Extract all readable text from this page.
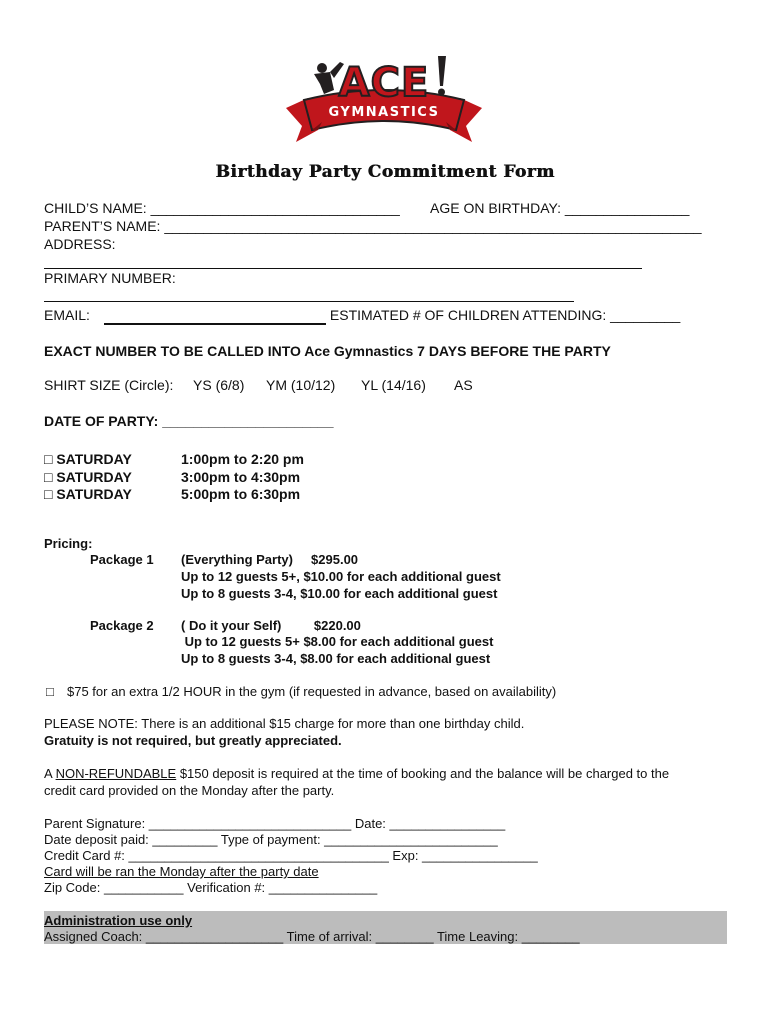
ACE
GYMNASTICS
Birthday Party Commitment Form
CHILD’S NAME: ________________________________ AGE ON BIRTHDAY: ________________
PARENT’S NAME: _____________________________________________________________________
ADDRESS:
PRIMARY NUMBER:
EMAIL:	ESTIMATED # OF CHILDREN ATTENDING: _________
EXACT NUMBER TO BE CALLED INTO Ace Gymnastics 7 DAYS BEFORE THE PARTY
SHIRT SIZE (Circle): YS (6/8) YM (10/12) YL (14/16) AS
DATE OF PARTY: ______________________
□ SATURDAY	1:00pm to 2:20 pm
□ SATURDAY	3:00pm to 4:30pm
□ SATURDAY	5:00pm to 6:30pm
Pricing:
Package 1 (Everything Party)     $295.00
Up to 12 guests 5+, $10.00 for each additional guest
Up to 8 guests 3-4, $10.00 for each additional guest
Package 2 ( Do it your Self)         $220.00
Up to 12 guests 5+ $8.00 for each additional guest
Up to 8 guests 3-4, $8.00 for each additional guest
□ $75 for an extra 1/2 HOUR in the gym (if requested in advance, based on availability)
PLEASE NOTE: There is an additional $15 charge for more than one birthday child.
Gratuity is not required, but greatly appreciated.
A NON-REFUNDABLE $150 deposit is required at the time of booking and the balance will be charged to the
credit card provided on the Monday after the party.
Parent Signature: ____________________________ Date: ________________
Date deposit paid: _________ Type of payment: ________________________
Credit Card #: ____________________________________ Exp: ________________
Card will be ran the Monday after the party date
Zip Code: ___________ Verification #: _______________
Administration use only
Assigned Coach: ___________________ Time of arrival: ________ Time Leaving: ________
